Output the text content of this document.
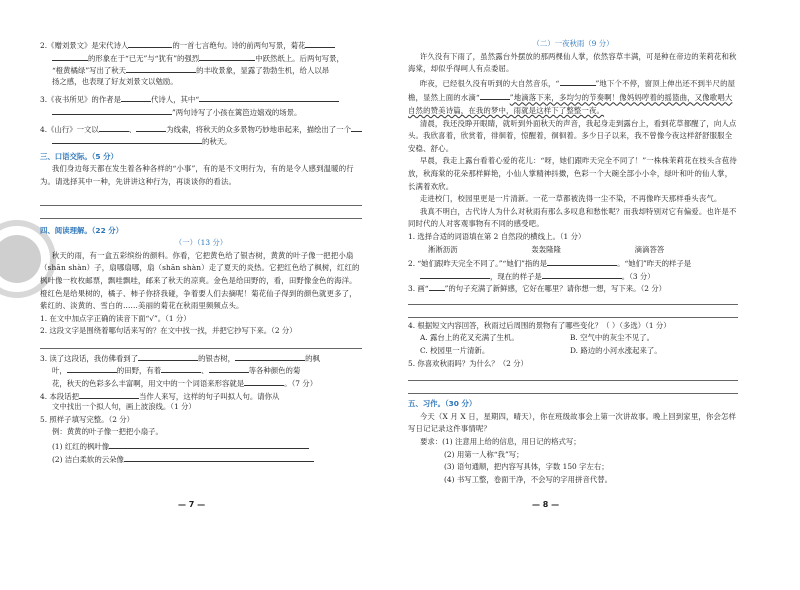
2.《赠刘景文》是宋代诗人	的一首七言绝句。诗的前两句写景，菊花
的形象在于“已无”与“犹有”的强烈	中跃然纸上。后两句写景，
“橙黄橘绿”写出了秋天	的丰收景象，显露了勃勃生机，给人以昂
扬之感，也表现了好友刘景文以勉励。
3.《夜书所见》的作者是	代诗人，其中“
”两句诗写了小孩在篱笆边嬉戏的场景。
4.《山行》一文以	、	为线索，将秋天的众多景物巧妙地串起来，描绘出了一个
的秋天。
三、口语交际。（5 分）
我们身边每天都在发生着各种各样的“小事”，有的是不文明行为，有的是令人感到温暖的行为。请选择其中一种，先讲讲这种行为，再谈谈你的看法。
四、阅读理解。（22 分）
（一）（13 分）
秋天的雨，有一盒五彩缤纷的颜料。你看，它把黄色给了银杏树，黄黄的叶子像一把把小扇（shān shàn）子，扇哪扇哪，扇（shān shàn）走了夏天的炎热。它把红色给了枫树，红红的枫叶像一枚枚邮票，飘哇飘哇，邮来了秋天的凉爽。金色是给田野的，看，田野像金色的海洋。橙红色是给果树的，橘子、柿子你挤我碰，争着要人们去摘呢！菊花仙子得到的颜色就更多了，紫红的、淡黄的、雪白的……美丽的菊花在秋雨里频频点头。
1. 在文中加点字正确的读音下面“√”。（1 分）
2. 这段文字是围绕着哪句话来写的？在文中找一找，并把它抄写下来。（2 分）
3. 读了这段话，我仿佛看到了	的银杏树，	的枫
叶，	的田野，有着	、	等各种颜色的菊
花，秋天的色彩多么丰富啊，用文中的一个词语来形容就是	。（7 分）
4. 本段话把	当作人来写，这样的句子叫拟人句。请你从
文中找出一个拟人句，画上波浪线。（1 分）
5. 照样子填写完整。（2 分）
例：黄黄的叶子像一把把小扇子。
(1) 红红的枫叶像
(2) 洁白柔软的云朵像
— 7 —
（二）一夜秋雨（9 分）
许久没有下雨了，虽然露台外摆放的那两棵仙人掌，依然容草丰满，可是种在帝边的茉莉花和秋海棠，却似乎得呵人有点委屈。
昨夜，已经很久没有听到的大自然音乐，“	”地下个不停，窗顶上伸出还不到半尺的屋檐，显然上面的水滴“	”地滴落下来，多均匀的节奏啊！像妈妈哼着的摇篮曲，又像歌唱大自然的赞美诗篇，在我的梦中，雨就是这样下了整整一夜。
清晨，我还没睁开眼睛，就听到外面秋天的声音，我起身走到露台上，看到花草都醒了，向人点头。我欣喜着，欣赏着，徘徊着，惊醒着，徊徊着。多少日子以来，我不曾像今夜这样舒舒服服全安稳、舒心。
早晨，我走上露台看着心爱的花儿：“呀，她们跟昨天完全不同了！”一株株茉莉花在枝头含苞待放，秋海棠的花朵那样鲜艳，小仙人掌精神抖擞，色彩一个大碗全部小小伞，绿叶和叶的仙人掌，长满着欢欣。
走进校门，校园里更是一片清新。一花一草都被洗得一尘不染，不再像昨天那样垂头丧气。
我真不明白，古代诗人为什么对秋雨有那么多叹息和愁怅呢？而我却特别对它有偏爱。也许是不同时代的人对客观事物有不同的感受吧。
1. 选择合适的词语填在第 2 自然段的横线上。（1 分）
淅淅沥沥	轰轰隆隆	滴滴答答
2. “她们跟昨天完全不同了。”“她们”指的是	。“她们”昨天的样子是
，现在的样子是	。（3 分）
3. 画“ ”的句子充满了新鲜感，它好在哪里？请你想一想，写下来。（2 分）
4. 根据短文内容回答，秋雨过后周围的景物有了哪些变化？（ ）（多选）（1 分）
A. 露台上的花叉充满了生机。	B. 空气中的灰尘不见了。
C. 校园里一片清新。	D. 路边的小河水涨起来了。
5. 你喜欢秋雨吗？为什么？（2 分）
五、习作。（30 分）
今天（X 月 X 日，星期四，晴天），你在班级故事会上第一次讲故事。晚上回到家里，你会怎样写日记记录这件事情呢？
要求：(1) 注意用上给的信息，用日记的格式写；
(2) 用第一人称“我”写；
(3) 语句通顺，把内容写具体，字数 150 字左右；
(4) 书写工整，卷面干净，不会写的字用拼音代替。
— 8 —
